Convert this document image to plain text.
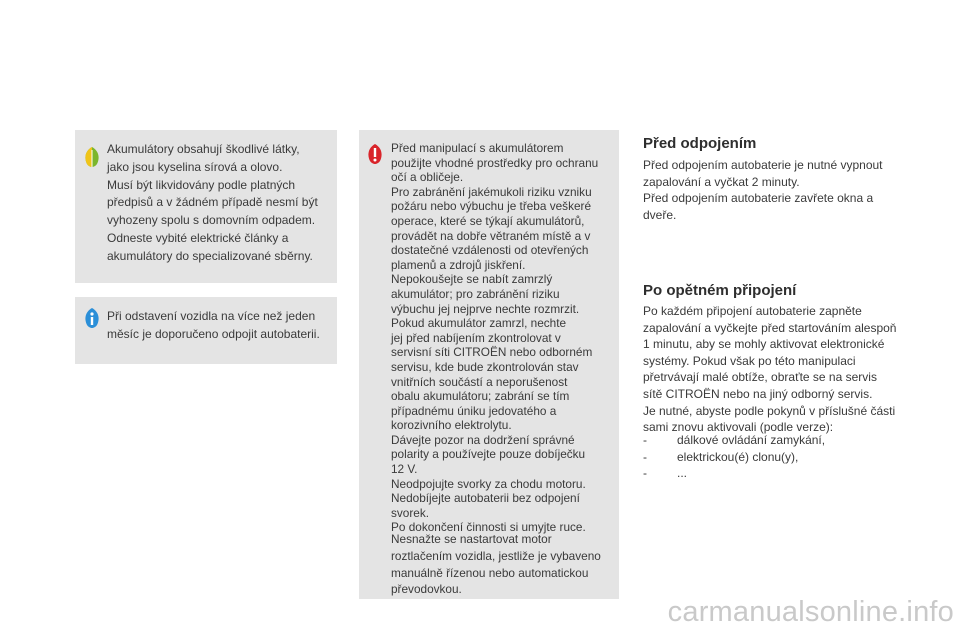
Akumulátory obsahují škodlivé látky,
jako jsou kyselina sírová a olovo.
Musí být likvidovány podle platných
předpisů a v žádném případě nesmí být
vyhozeny spolu s domovním odpadem.
Odneste vybité elektrické články a
akumulátory do specializované sběrny.

Při odstavení vozidla na více než jeden
měsíc je doporučeno odpojit autobaterii.

Před manipulací s akumulátorem
použijte vhodné prostředky pro ochranu
očí a obličeje.
Pro zabránění jakémukoli riziku vzniku
požáru nebo výbuchu je třeba veškeré
operace, které se týkají akumulátorů,
provádět na dobře větraném místě a v
dostatečné vzdálenosti od otevřených
plamenů a zdrojů jiskření.
Nepokoušejte se nabít zamrzlý
akumulátor; pro zabránění riziku
výbuchu jej nejprve nechte rozmrzit.
Pokud akumulátor zamrzl, nechte
jej před nabíjením zkontrolovat v
servisní síti CITROËN nebo odborném
servisu, kde bude zkontrolován stav
vnitřních součástí a neporušenost
obalu akumulátoru; zabrání se tím
případnému úniku jedovatého a
korozivního elektrolytu.
Dávejte pozor na dodržení správné
polarity a používejte pouze dobíječku
12 V.
Neodpojujte svorky za chodu motoru.
Nedobíjejte autobaterii bez odpojení
svorek.
Po dokončení činnosti si umyjte ruce.

Nesnažte se nastartovat motor
roztlačením vozidla, jestliže je vybaveno
manuálně řízenou nebo automatickou
převodovkou.

Před odpojením

Před odpojením autobaterie je nutné vypnout
zapalování a vyčkat 2 minuty.
Před odpojením autobaterie zavřete okna a
dveře.

Po opětném připojení

Po každém připojení autobaterie zapněte
zapalování a vyčkejte před startováním alespoň
1 minutu, aby se mohly aktivovat elektronické
systémy. Pokud však po této manipulaci
přetrvávají malé obtíže, obraťte se na servis
sítě CITROËN nebo na jiný odborný servis.
Je nutné, abyste podle pokynů v příslušné části
sami znovu aktivovali (podle verze):

-	dálkové ovládání zamykání,
-	elektrickou(é) clonu(y),
-	...
carmanualsonline.info
